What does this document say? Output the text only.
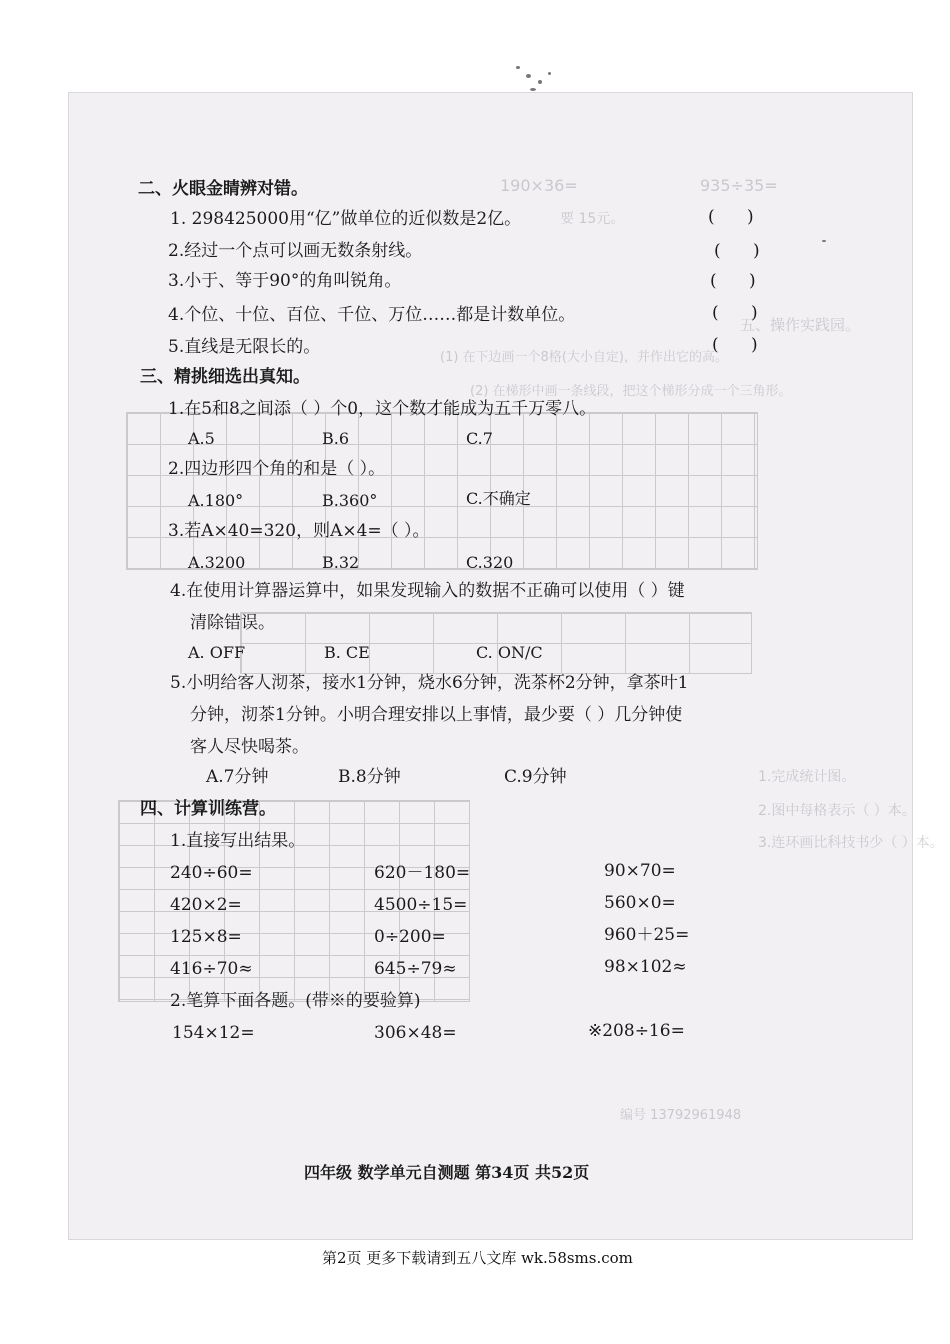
935÷35=
190×36=
要 15元。
五、操作实践园。
(1) 在下边画一个8格(大小自定)，并作出它的高。
(2) 在梯形中画一条线段，把这个梯形分成一个三角形。
1.完成统计图。
2.图中每格表示（ ）本。
3.连环画比科技书少（ ）本。
编号 13792961948
二、火眼金睛辨对错。
1. 298425000用“亿”做单位的近似数是2亿。	(      )
2.经过一个点可以画无数条射线。	(      )
3.小于、等于90°的角叫锐角。	(      )
4.个位、十位、百位、千位、万位……都是计数单位。	(      )
5.直线是无限长的。	(      )
三、精挑细选出真知。
1.在5和8之间添（ ）个0，这个数才能成为五千万零八。
A.5	B.6	C.7
2.四边形四个角的和是（ ）。
A.180°	B.360°	C.不确定
3.若A×40=320，则A×4=（ ）。
A.3200	B.32	C.320
4.在使用计算器运算中，如果发现输入的数据不正确可以使用（ ）键
清除错误。
A. OFF	B. CE	C. ON/C
5.小明给客人沏茶，接水1分钟，烧水6分钟，洗茶杯2分钟，拿茶叶1
分钟，沏茶1分钟。小明合理安排以上事情，最少要（ ）几分钟使
客人尽快喝茶。
A.7分钟	B.8分钟	C.9分钟
四、计算训练营。
1.直接写出结果。
240÷60=	620－180=	90×70=
420×2=	4500÷15=	560×0=
125×8=	0÷200=	960＋25=
416÷70≈	645÷79≈	98×102≈
2.笔算下面各题。(带※的要验算)
154×12=	306×48=	※208÷16=
四年级 数学单元自测题 第34页 共52页
第2页 更多下载请到五八文库 wk.58sms.com
